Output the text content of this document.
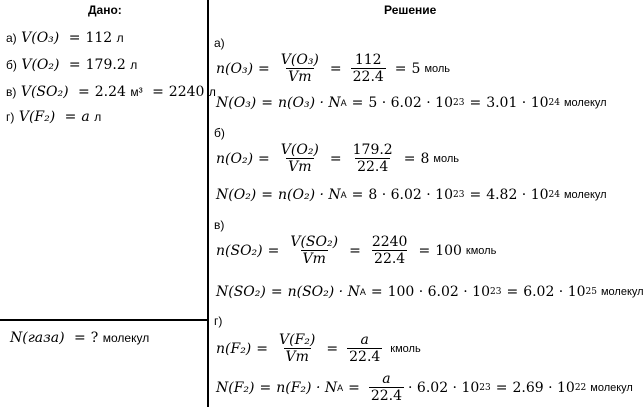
Дано:
а) V(O₃) = 112 л
б) V(O₂) = 179.2 л
в) V(SO₂) = 2.24 м³ = 2240 л
г) V(F₂) = a л
N(газа) = ? молекул
Решение
а)
$n(O_3) = \frac{\text{V(O₃)}}{Vm} = \frac{112}{22.4} = 5$ моль
N(O₃) = n(O₃) · N A = 5 · 6.02 · 10 23 = 3.01 · 10 24 молекул
б)
$n(O_2) = \frac{\text{V(O₂)}}{Vm} = \frac{179.2}{22.4} = 8$ моль
N(O₂) = n(O₂) · N A = 8 · 6.02 · 10 23 = 4.82 · 10 24 молекул
в)
$n(SO_2) = \frac{\text{V(SO₂)}}{Vm} = \frac{2240}{22.4} = 100$ кмоль
N(SO₂) = n(SO₂) · N A = 100 · 6.02 · 10 23 = 6.02 · 10 25 молекул
г)
$n(F_2) = \frac{\text{V(F₂)}}{Vm} = \frac{a}{22.4}$ кмоль
N(F₂) = n(F₂) · N $A = \frac{a}{22.4} \cdot 6.02 \cdot 10$ 23 = 2.69 · 10 22 молекул
